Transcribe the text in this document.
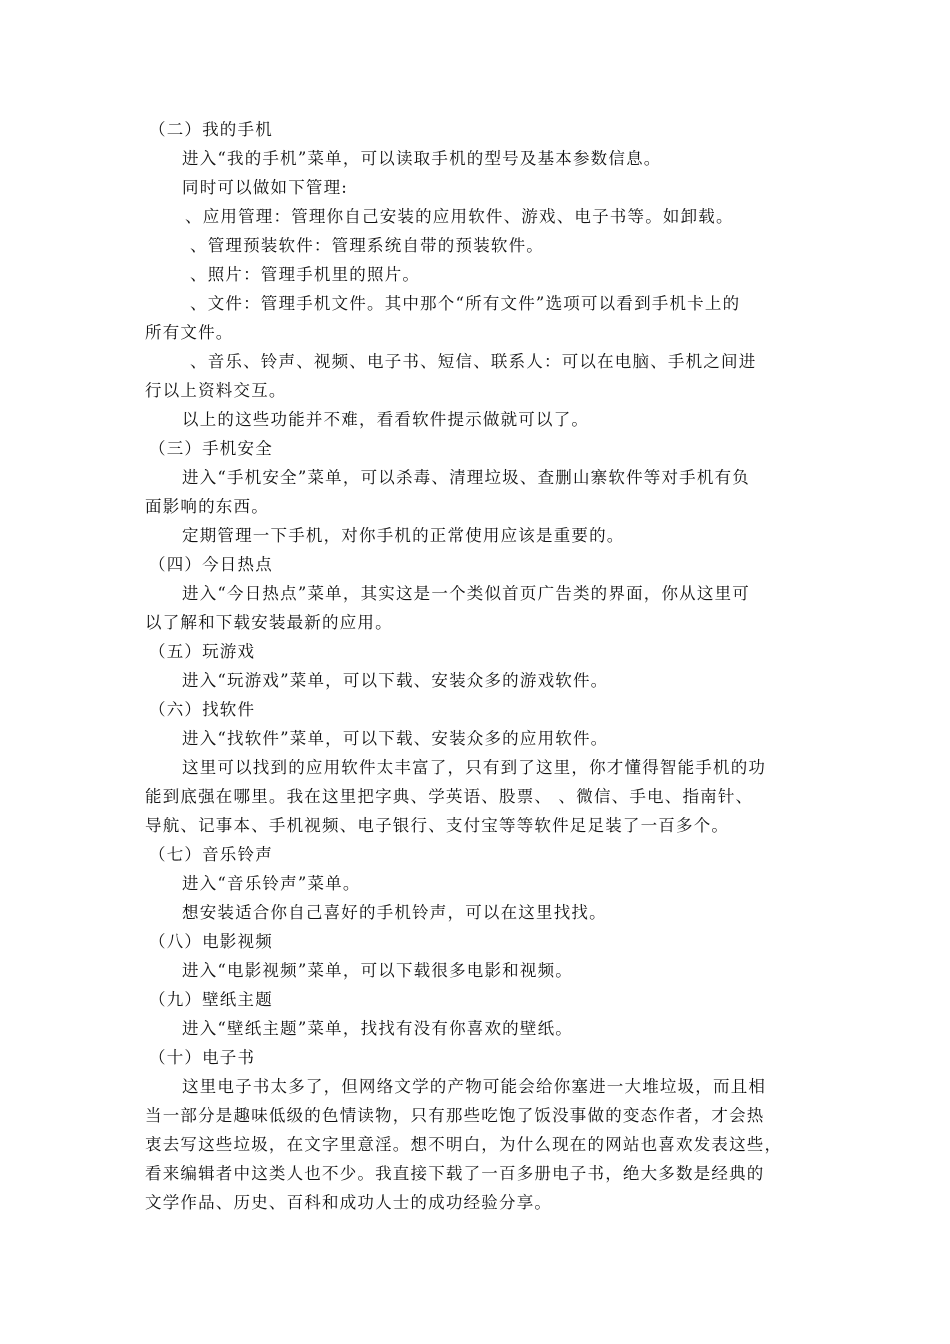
（二）我的手机
进入“我的手机”菜单，可以读取手机的型号及基本参数信息。
同时可以做如下管理:
、应用管理：管理你自己安装的应用软件、游戏、电子书等。如卸载。
、管理预装软件：管理系统自带的预装软件。
、照片：管理手机里的照片。
、文件：管理手机文件。其中那个“所有文件”选项可以看到手机卡上的
所有文件。
、音乐、铃声、视频、电子书、短信、联系人：可以在电脑、手机之间进
行以上资料交互。
以上的这些功能并不难，看看软件提示做就可以了。
（三）手机安全
进入“手机安全”菜单，可以杀毒、清理垃圾、查删山寨软件等对手机有负
面影响的东西。
定期管理一下手机，对你手机的正常使用应该是重要的。
（四）今日热点
进入“今日热点”菜单，其实这是一个类似首页广告类的界面，你从这里可
以了解和下载安装最新的应用。
（五）玩游戏
进入“玩游戏”菜单，可以下载、安装众多的游戏软件。
（六）找软件
进入“找软件”菜单，可以下载、安装众多的应用软件。
这里可以找到的应用软件太丰富了，只有到了这里，你才懂得智能手机的功
能到底强在哪里。我在这里把字典、学英语、股票、 、微信、手电、指南针、
导航、记事本、手机视频、电子银行、支付宝等等软件足足装了一百多个。
（七）音乐铃声
进入“音乐铃声”菜单。
想安装适合你自己喜好的手机铃声，可以在这里找找。
（八）电影视频
进入“电影视频”菜单，可以下载很多电影和视频。
（九）壁纸主题
进入“壁纸主题”菜单，找找有没有你喜欢的壁纸。
（十）电子书
这里电子书太多了，但网络文学的产物可能会给你塞进一大堆垃圾，而且相
当一部分是趣味低级的色情读物，只有那些吃饱了饭没事做的变态作者，才会热
衷去写这些垃圾，在文字里意淫。想不明白，为什么现在的网站也喜欢发表这些，
看来编辑者中这类人也不少。我直接下载了一百多册电子书，绝大多数是经典的
文学作品、历史、百科和成功人士的成功经验分享。
